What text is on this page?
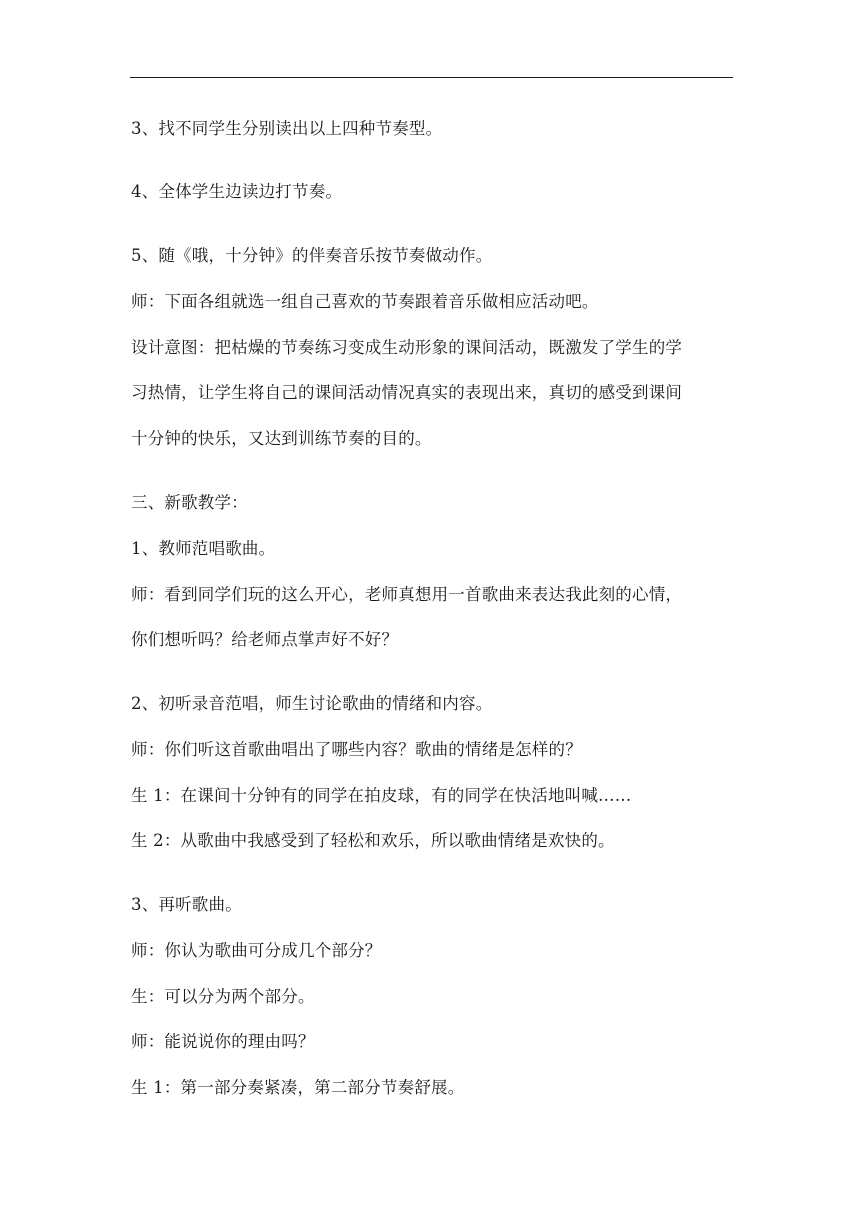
3、找不同学生分别读出以上四种节奏型。
4、全体学生边读边打节奏。
5、随《哦，十分钟》的伴奏音乐按节奏做动作。
师：下面各组就选一组自己喜欢的节奏跟着音乐做相应活动吧。
设计意图：把枯燥的节奏练习变成生动形象的课间活动，既激发了学生的学
习热情，让学生将自己的课间活动情况真实的表现出来，真切的感受到课间
十分钟的快乐，又达到训练节奏的目的。
三、新歌教学：
1、教师范唱歌曲。
师：看到同学们玩的这么开心，老师真想用一首歌曲来表达我此刻的心情，
你们想听吗？给老师点掌声好不好？
2、初听录音范唱，师生讨论歌曲的情绪和内容。
师：你们听这首歌曲唱出了哪些内容？歌曲的情绪是怎样的？
生 1：在课间十分钟有的同学在拍皮球，有的同学在快活地叫喊……
生 2：从歌曲中我感受到了轻松和欢乐，所以歌曲情绪是欢快的。
3、再听歌曲。
师：你认为歌曲可分成几个部分？
生：可以分为两个部分。
师：能说说你的理由吗？
生 1：第一部分奏紧凑，第二部分节奏舒展。
